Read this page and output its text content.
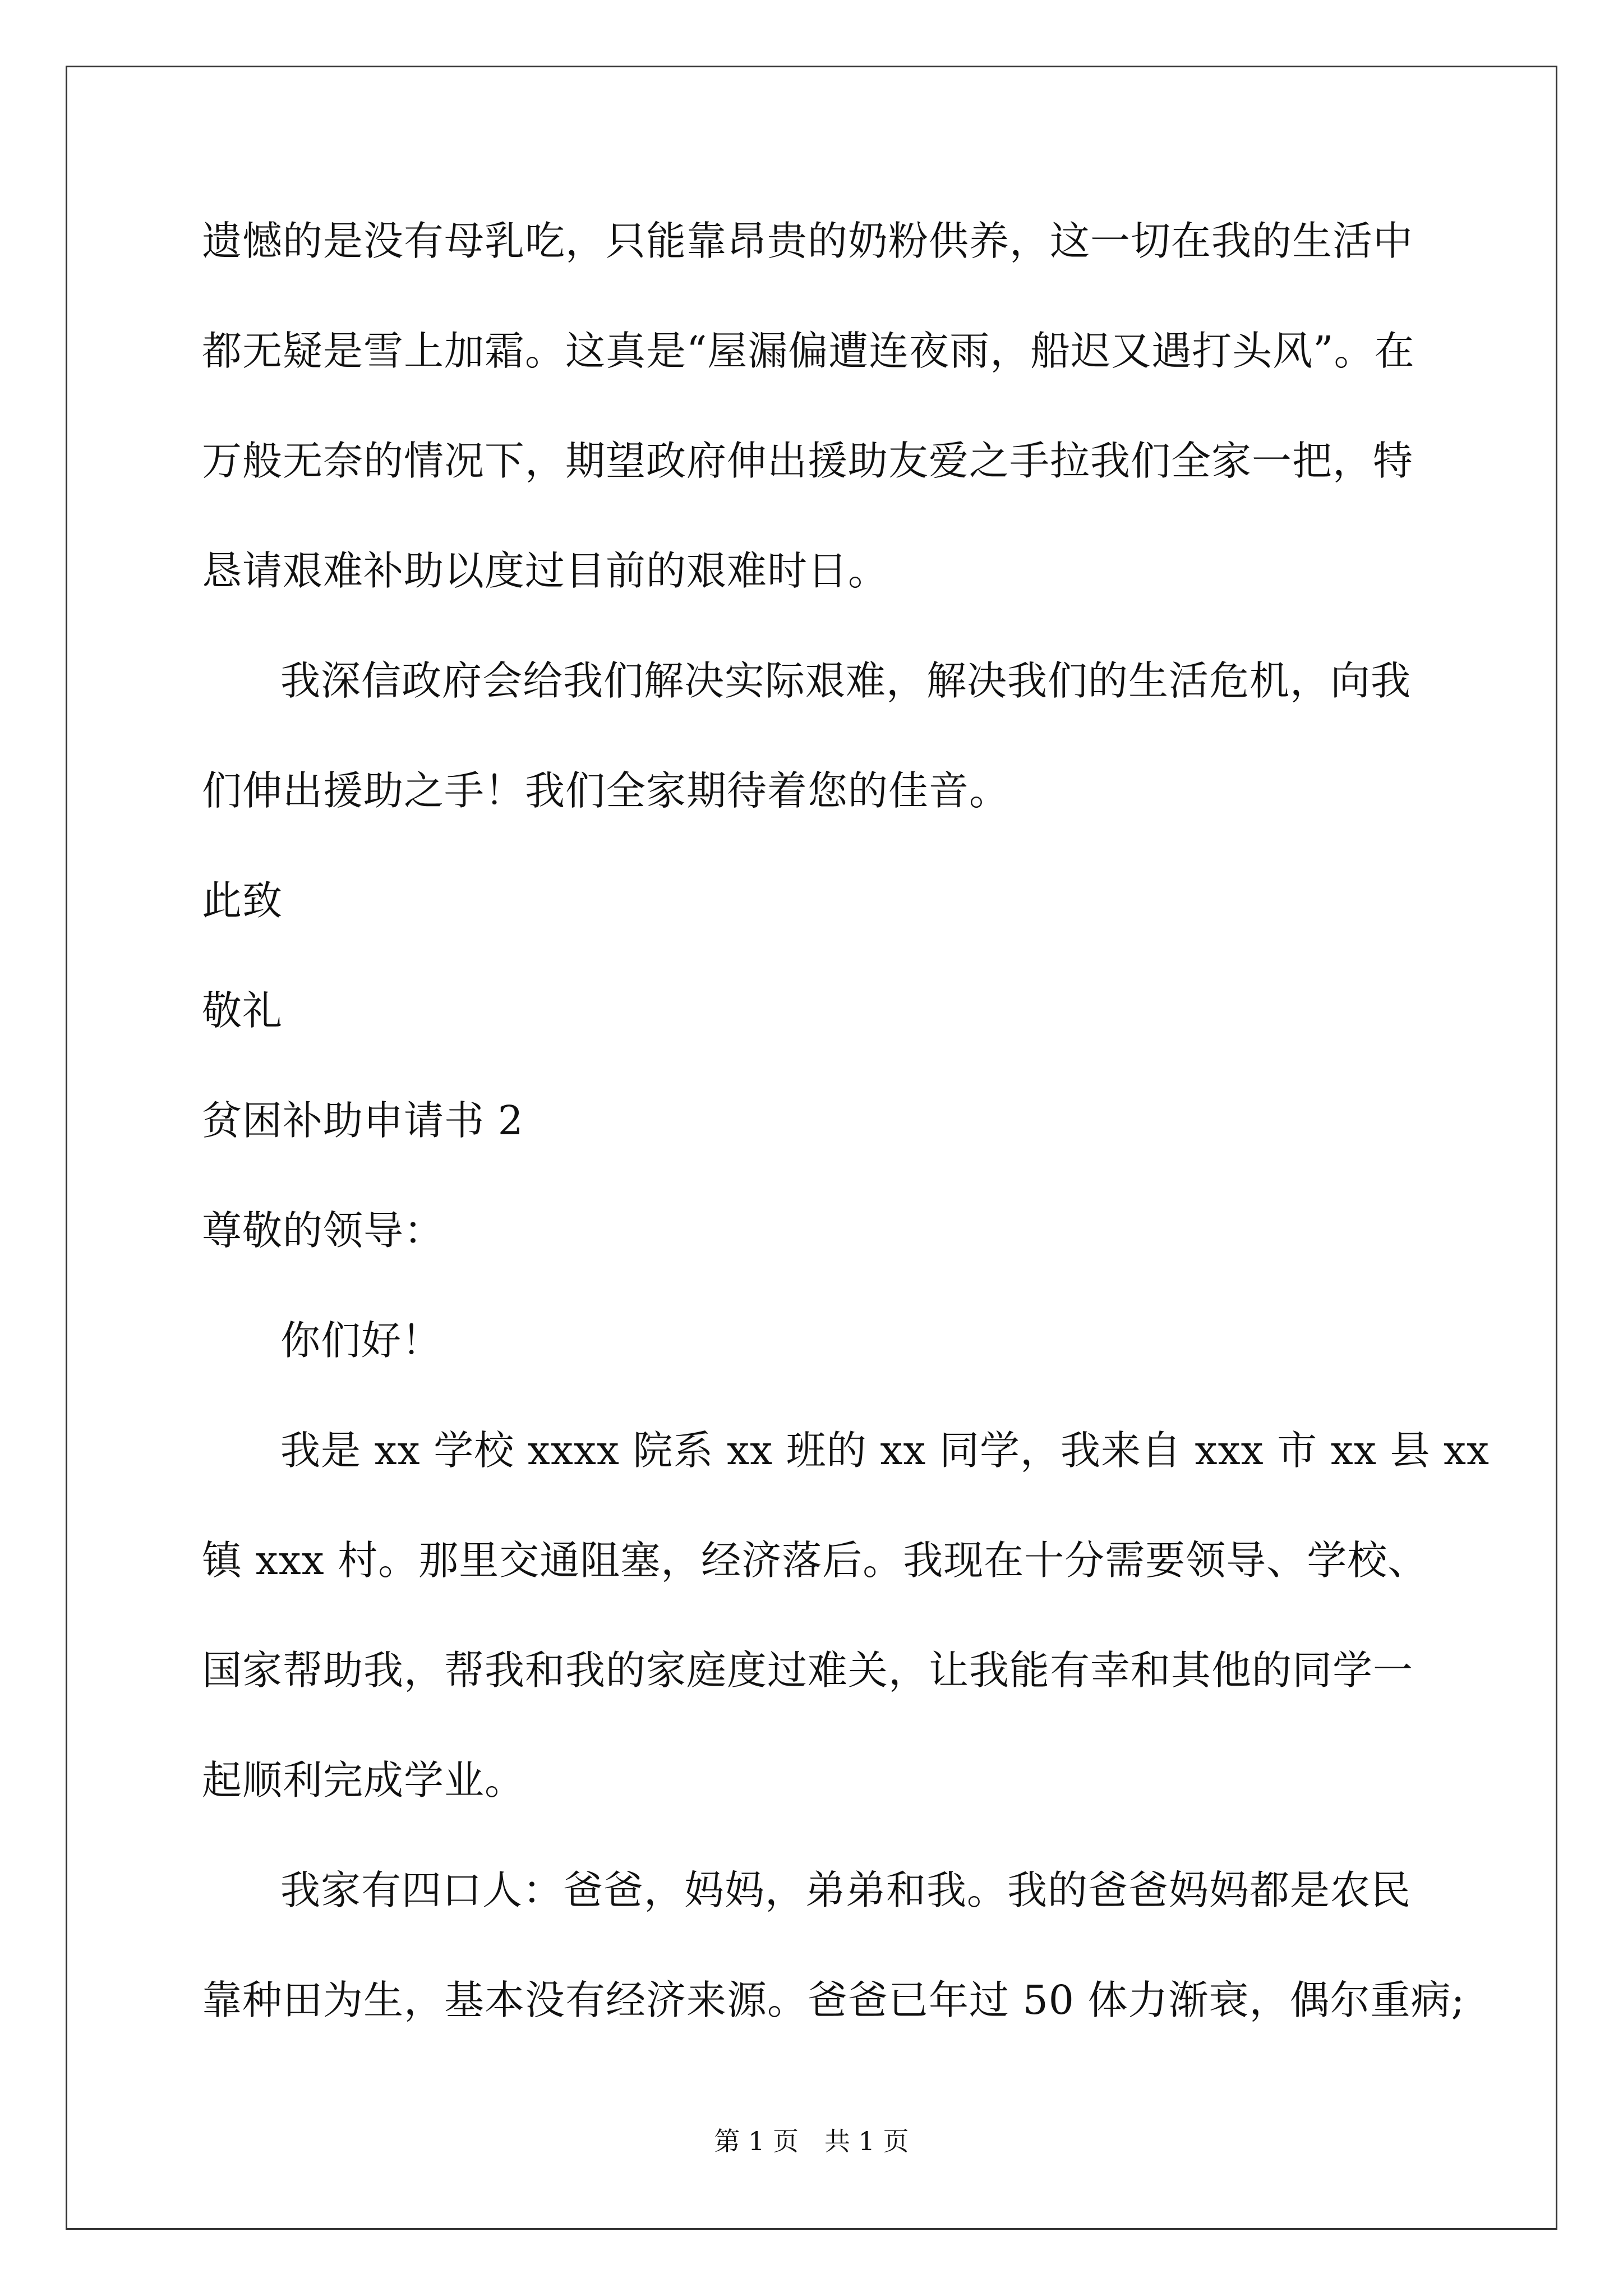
遗憾的是没有母乳吃，只能靠昂贵的奶粉供养，这一切在我的生活中

都无疑是雪上加霜。这真是“屋漏偏遭连夜雨，船迟又遇打头风”。在

万般无奈的情况下，期望政府伸出援助友爱之手拉我们全家一把，特

恳请艰难补助以度过目前的艰难时日。

我深信政府会给我们解决实际艰难，解决我们的生活危机，向我

们伸出援助之手！我们全家期待着您的佳音。

此致

敬礼

贫困补助申请书 2

尊敬的领导：

你们好！

我是 xx 学校 xxxx 院系 xx 班的 xx 同学，我来自 xxx 市 xx 县 xx

镇 xxx 村。那里交通阻塞，经济落后。我现在十分需要领导、学校、

国家帮助我，帮我和我的家庭度过难关，让我能有幸和其他的同学一

起顺利完成学业。

我家有四口人：爸爸，妈妈，弟弟和我。我的爸爸妈妈都是农民

靠种田为生，基本没有经济来源。爸爸已年过 50 体力渐衰，偶尔重病;

第 1 页　共 1 页
